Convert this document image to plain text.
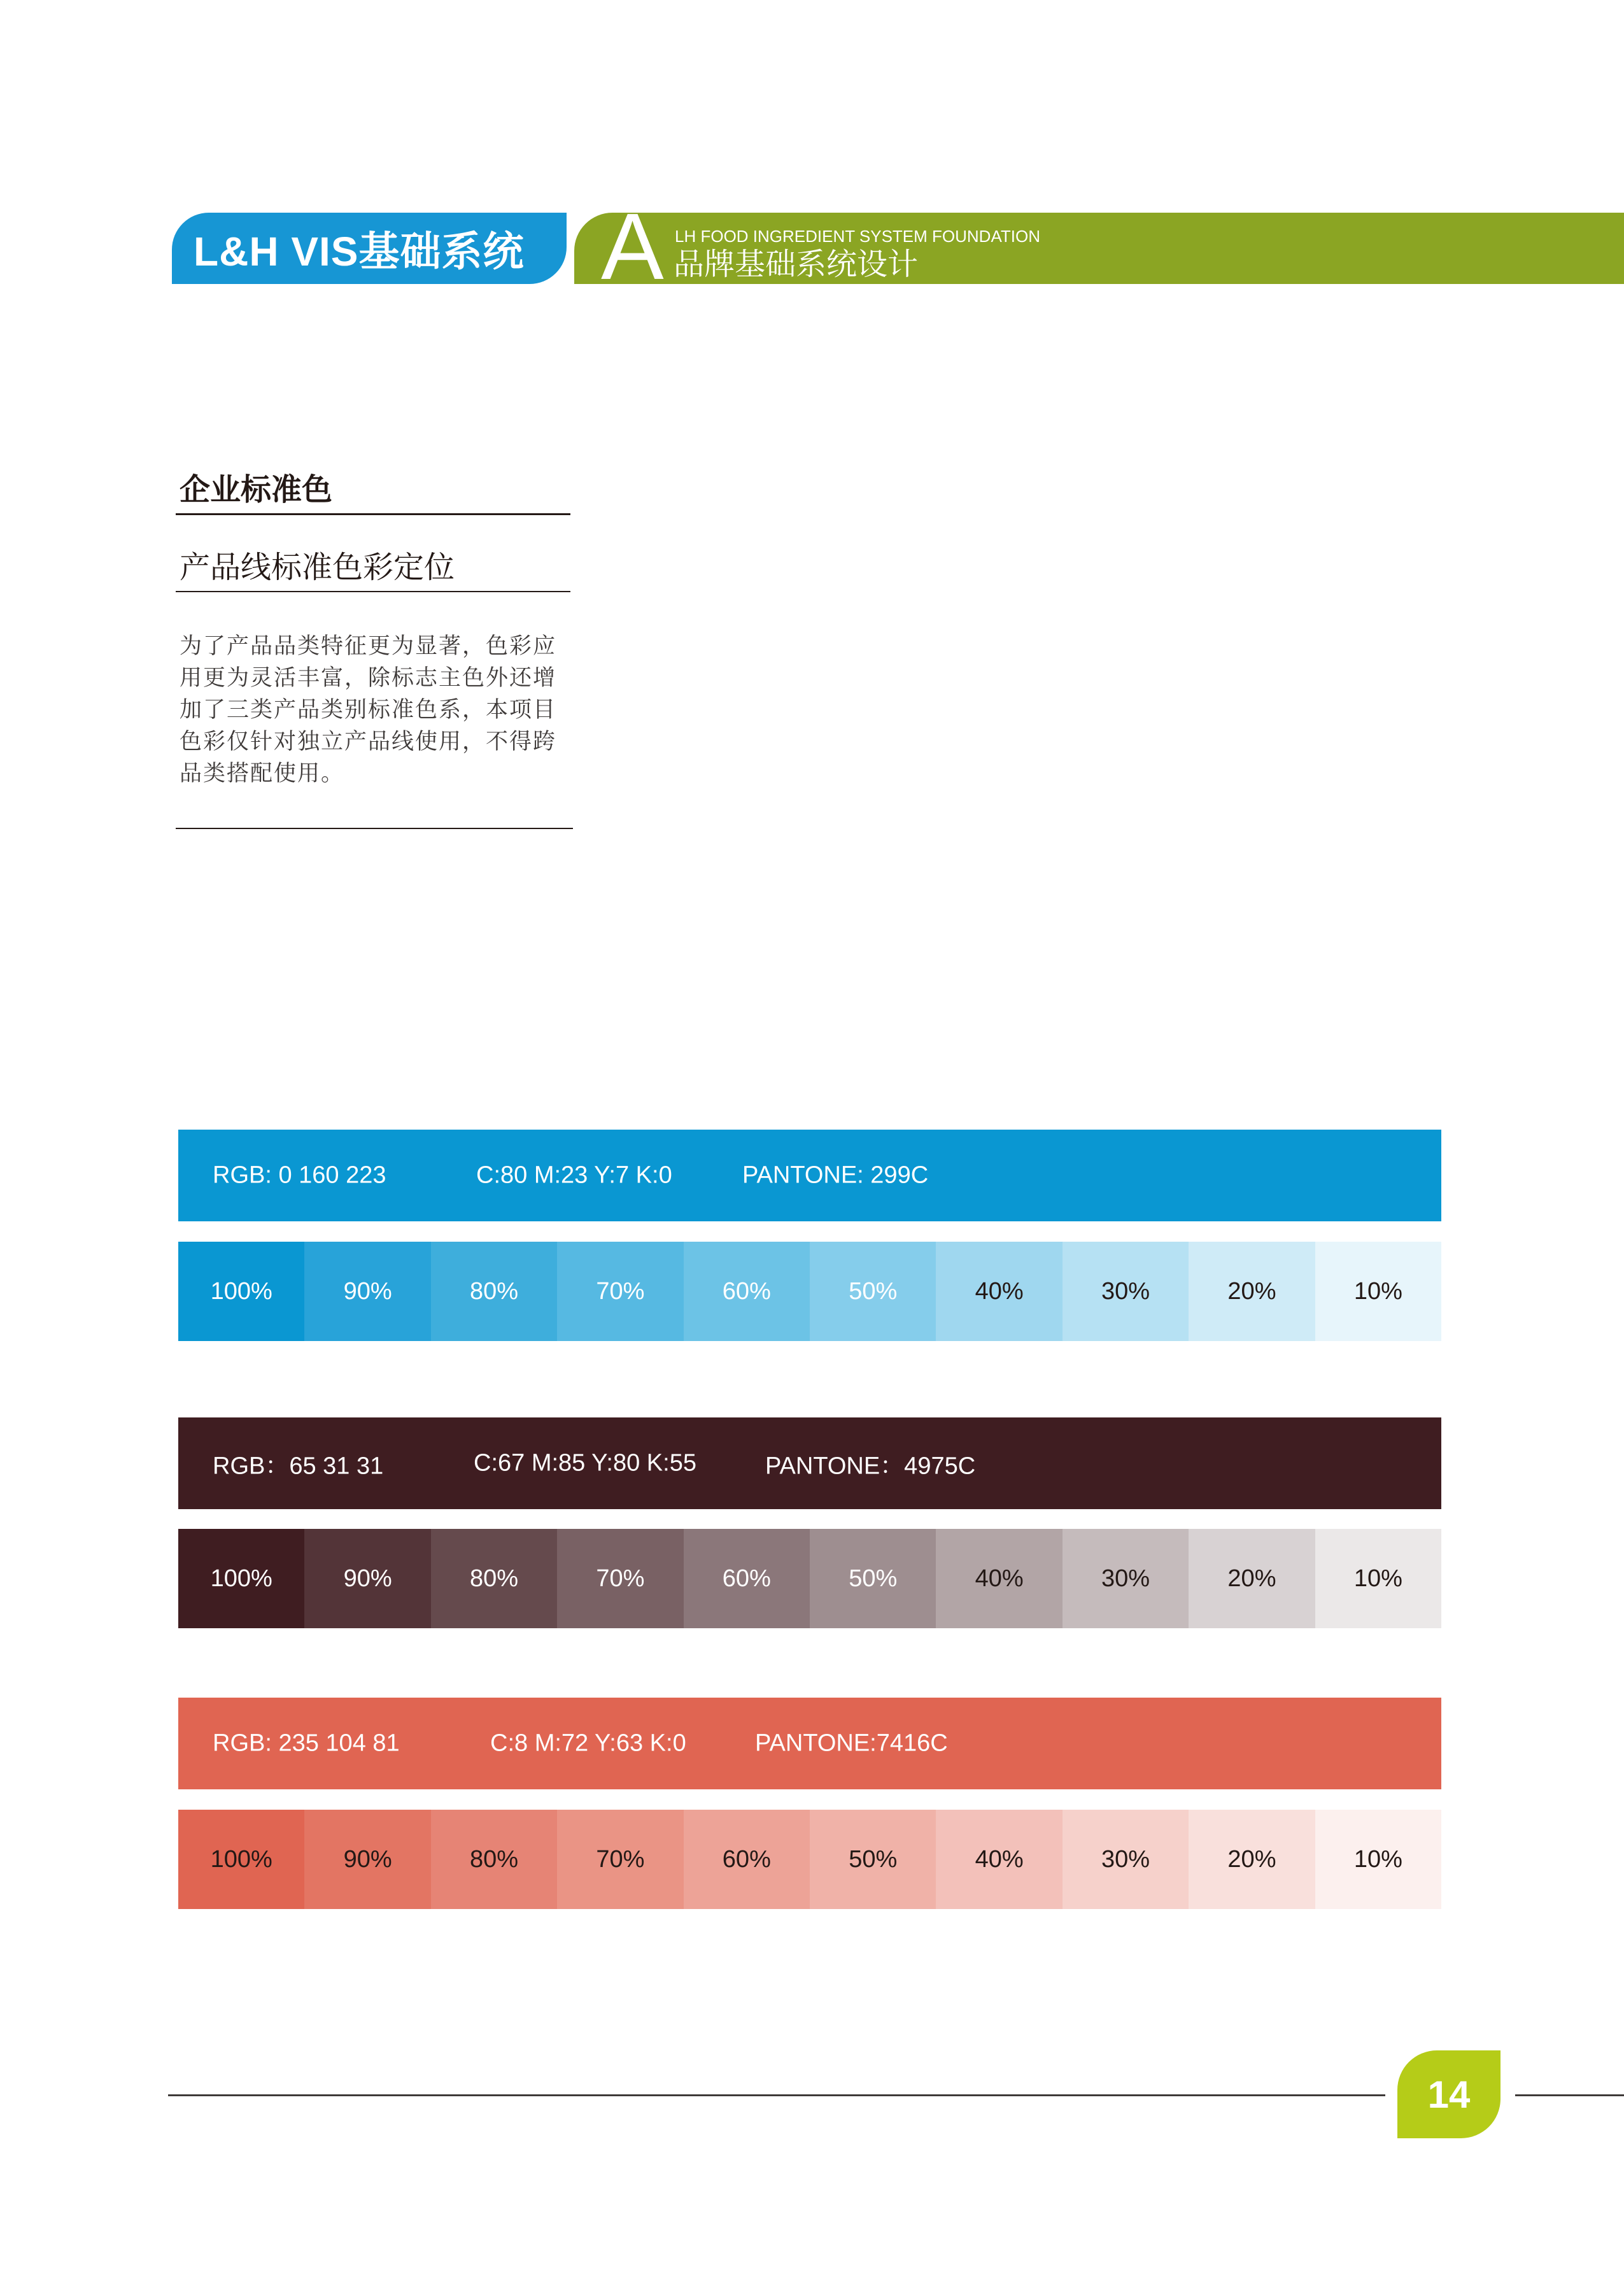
L&H VIS基础系统 A LH FOOD INGREDIENT SYSTEM FOUNDATION
品牌基础系统设计
企业标准色
产品线标准色彩定位
为了产品品类特征更为显著，色彩应用更为灵活丰富，除标志主色外还增加了三类产品类别标准色系，本项目色彩仅针对独立产品线使用，不得跨品类搭配使用。
RGB: 0 160 223	C:80 M:23 Y:7 K:0	PANTONE: 299C
100%	90%	80%	70%	60%	50%	40%	30%	20%	10%
RGB：65 31 31	C:67 M:85 Y:80 K:55	PANTONE：4975C
100%	90%	80%	70%	60%	50%	40%	30%	20%	10%
RGB: 235 104 81	C:8 M:72 Y:63 K:0	PANTONE:7416C
100%	90%	80%	70%	60%	50%	40%	30%	20%	10%
14
